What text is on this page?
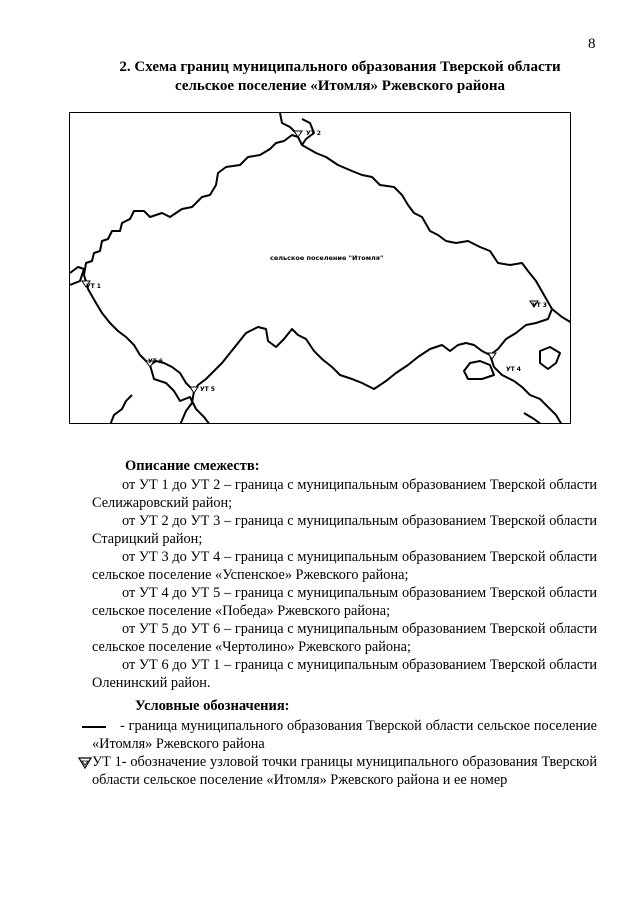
8
2. Схема границ муниципального образования Тверской области
сельское поселение «Итомля» Ржевского района
УТ 1
УТ 2
УТ 3
УТ 4
УТ 5
УТ 6
сельское поселение "Итомля"
Описание смежеств:
от УТ 1 до УТ 2 – граница с муниципальным образованием Тверской области Селижаровский район;
от УТ 2 до УТ 3 – граница с муниципальным образованием Тверской области Старицкий район;
от УТ 3 до УТ 4 – граница с муниципальным образованием Тверской области сельское поселение «Успенское» Ржевского района;
от УТ 4 до УТ 5 – граница с муниципальным образованием Тверской области сельское поселение «Победа» Ржевского района;
от УТ 5 до УТ 6 – граница с муниципальным образованием Тверской области сельское поселение «Чертолино» Ржевского района;
от УТ 6 до УТ 1 – граница с муниципальным образованием Тверской области Оленинский район.
Условные обозначения:
- граница муниципального образования Тверской области сельское поселение «Итомля» Ржевского района
УТ 1- обозначение узловой точки границы муниципального образования Тверской области сельское поселение «Итомля» Ржевского района и ее номер
